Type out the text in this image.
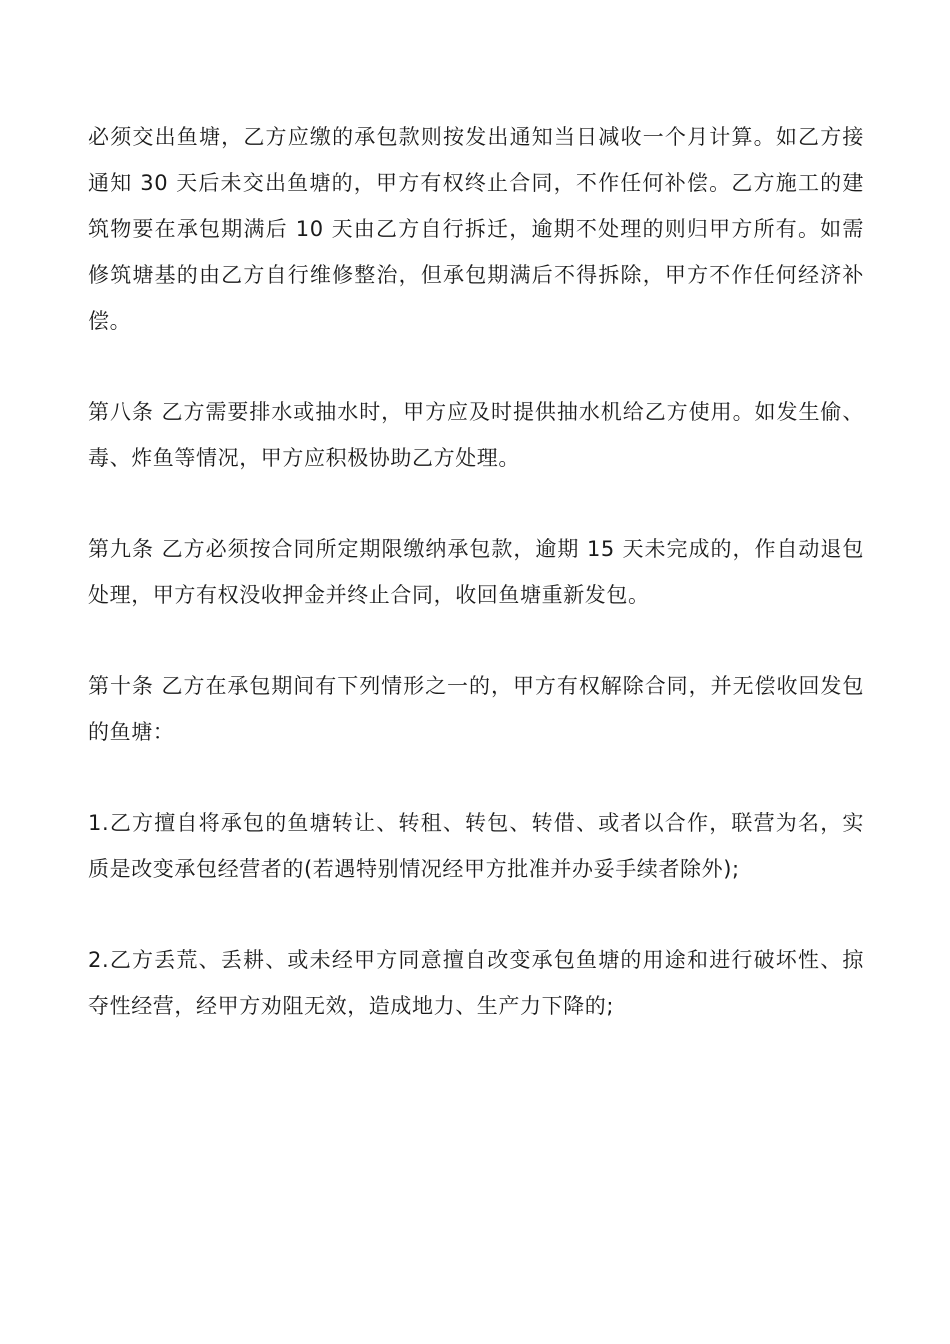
必须交出鱼塘，乙方应缴的承包款则按发出通知当日减收一个月计算。如乙方接通知 30 天后未交出鱼塘的，甲方有权终止合同，不作任何补偿。乙方施工的建筑物要在承包期满后 10 天由乙方自行拆迁，逾期不处理的则归甲方所有。如需修筑塘基的由乙方自行维修整治，但承包期满后不得拆除，甲方不作任何经济补偿。

第八条 乙方需要排水或抽水时，甲方应及时提供抽水机给乙方使用。如发生偷、毒、炸鱼等情况，甲方应积极协助乙方处理。

第九条 乙方必须按合同所定期限缴纳承包款，逾期 15 天未完成的，作自动退包处理，甲方有权没收押金并终止合同，收回鱼塘重新发包。

第十条 乙方在承包期间有下列情形之一的，甲方有权解除合同，并无偿收回发包的鱼塘：

1.乙方擅自将承包的鱼塘转让、转租、转包、转借、或者以合作，联营为名，实质是改变承包经营者的(若遇特别情况经甲方批准并办妥手续者除外);

2.乙方丢荒、丢耕、或未经甲方同意擅自改变承包鱼塘的用途和进行破坏性、掠夺性经营，经甲方劝阻无效，造成地力、生产力下降的;
